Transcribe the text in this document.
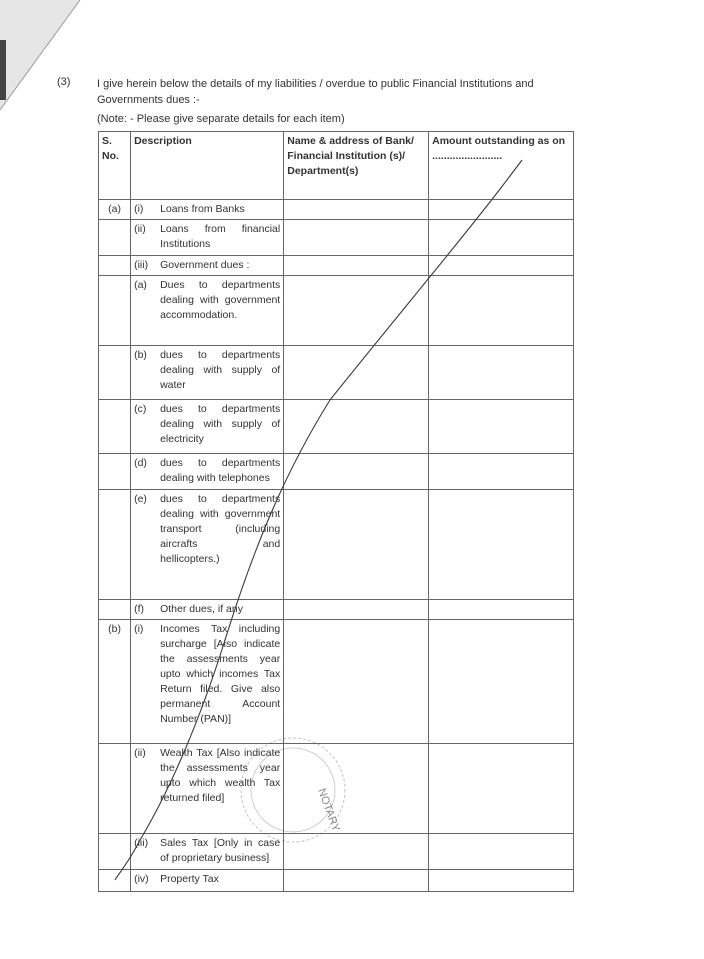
(3) I give herein below the details of my liabilities / overdue to public Financial Institutions and Governments dues :-
(Note: - Please give separate details for each item)
S. No.	Description	Name & address of Bank/ Financial Institution (s)/ Department(s)	Amount outstanding as on ........................
(a)	(i) Loans from Banks		

	(ii) Loans from financial Institutions		

	(iii) Government dues :		

	(a) Dues to departments dealing with government accommodation.		

	(b) dues to departments dealing with supply of water		

	(c) dues to departments dealing with supply of electricity		

	(d) dues to departments dealing with telephones		

	(e) dues to departments dealing with government transport (including aircrafts and hellicopters.)		

	(f) Other dues, if any		

(b)	(i) Incomes Tax including surcharge [Also indicate the assessments year upto which incomes Tax Return filed. Give also permanent Account Number (PAN)]		

	(ii) Wealth Tax [Also indicate the assessments year upto which wealth Tax returned filed]		

	(iii) Sales Tax [Only in case of proprietary business]		

	(iv) Property Tax		

NOTARY
